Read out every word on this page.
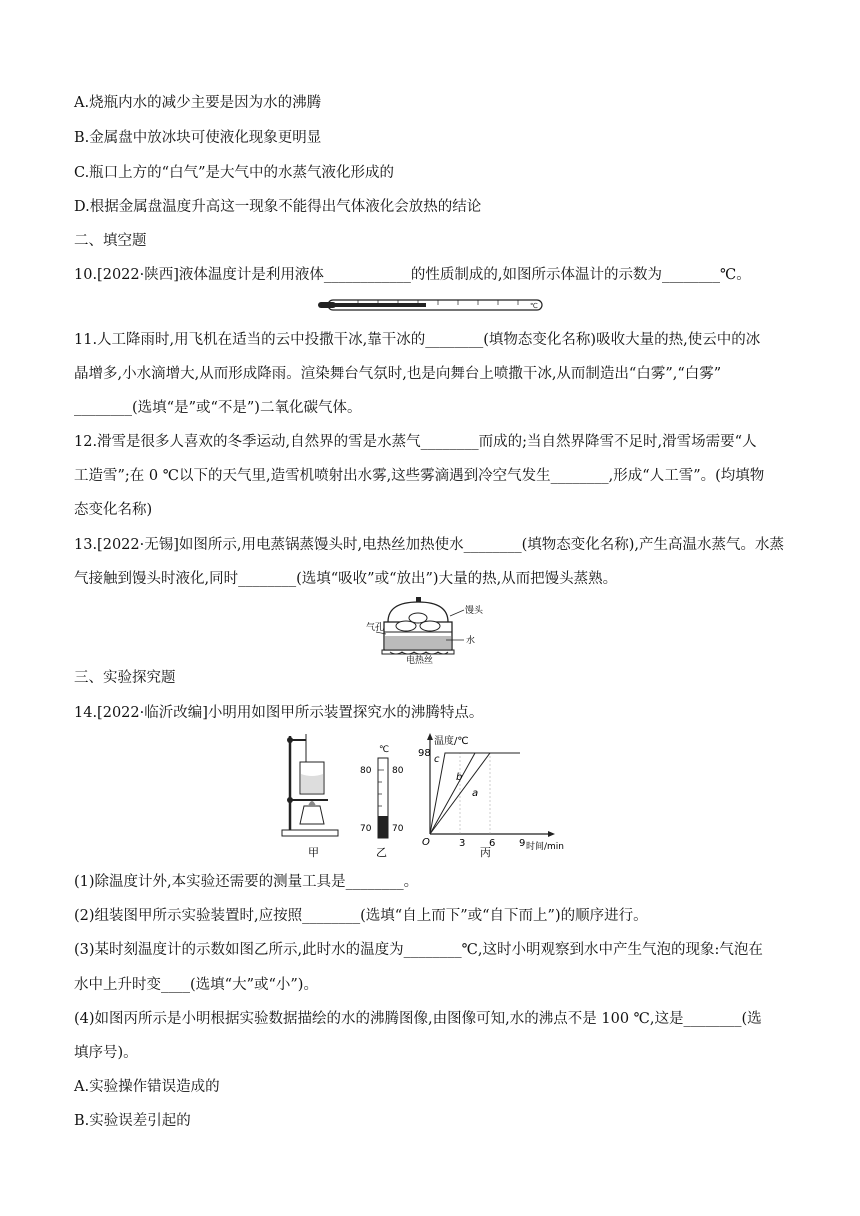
A.烧瓶内水的减少主要是因为水的沸腾
B.金属盘中放冰块可使液化现象更明显
C.瓶口上方的“白气”是大气中的水蒸气液化形成的
D.根据金属盘温度升高这一现象不能得出气体液化会放热的结论
二、填空题
10.[2022·陕西]液体温度计是利用液体____________的性质制成的,如图所示体温计的示数为________℃。
℃
11.人工降雨时,用飞机在适当的云中投撒干冰,靠干冰的________(填物态变化名称)吸收大量的热,使云中的冰
晶增多,小水滴增大,从而形成降雨。渲染舞台气氛时,也是向舞台上喷撒干冰,从而制造出“白雾”,“白雾”
________(选填“是”或“不是”)二氧化碳气体。
12.滑雪是很多人喜欢的冬季运动,自然界的雪是水蒸气________而成的;当自然界降雪不足时,滑雪场需要“人
工造雪”;在 0 ℃以下的天气里,造雪机喷射出水雾,这些雾滴遇到冷空气发生________,形成“人工雪”。(均填物
态变化名称)
13.[2022·无锡]如图所示,用电蒸锅蒸馒头时,电热丝加热使水________(填物态变化名称),产生高温水蒸气。水蒸
气接触到馒头时液化,同时________(选填“吸收”或“放出”)大量的热,从而把馒头蒸熟。
馒头
水
气孔
电热丝
三、实验探究题
14.[2022·临沂改编]小明用如图甲所示装置探究水的沸腾特点。
甲
℃
80 80
70 70
乙
温度/℃
时间/min
98
O	3 6 9
c
b
a
丙
(1)除温度计外,本实验还需要的测量工具是________。
(2)组装图甲所示实验装置时,应按照________(选填“自上而下”或“自下而上”)的顺序进行。
(3)某时刻温度计的示数如图乙所示,此时水的温度为________℃,这时小明观察到水中产生气泡的现象:气泡在
水中上升时变____(选填“大”或“小”)。
(4)如图丙所示是小明根据实验数据描绘的水的沸腾图像,由图像可知,水的沸点不是 100 ℃,这是________(选
填序号)。
A.实验操作错误造成的
B.实验误差引起的
